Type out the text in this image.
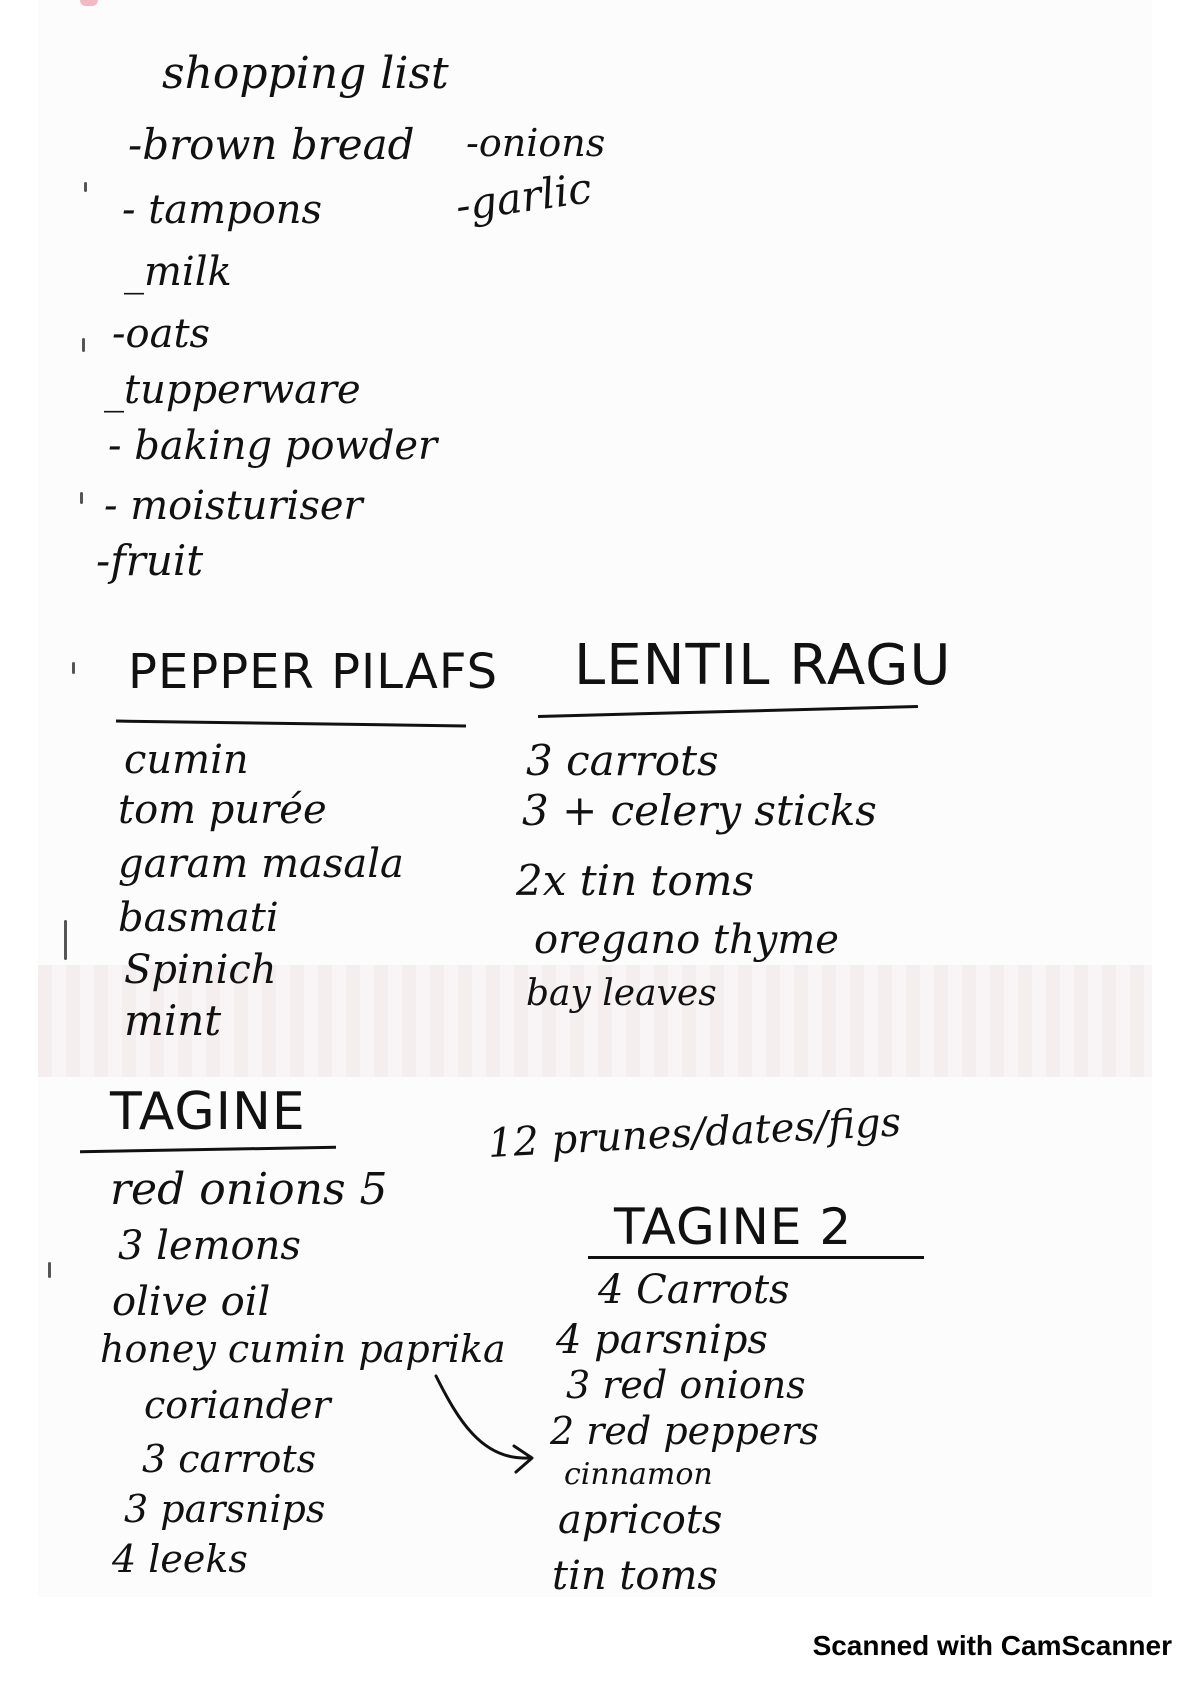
shopping list
-brown bread
- tampons
_milk
-oats
_tupperware
- baking powder
- moisturiser
-fruit
-onions
-garlic
PEPPER PILAFS
cumin
tom purée
garam masala
basmati
Spinich
mint
LENTIL RAGU
3 carrots
3 + celery sticks
2x tin toms
oregano thyme
bay leaves
TAGINE
red onions 5
3 lemons
olive oil
honey cumin paprika
coriander
3 carrots
3 parsnips
4 leeks
12 prunes/dates/figs
TAGINE 2
4 Carrots
4 parsnips
3 red onions
2 red peppers
cinnamon
apricots
tin toms
Scanned with CamScanner
